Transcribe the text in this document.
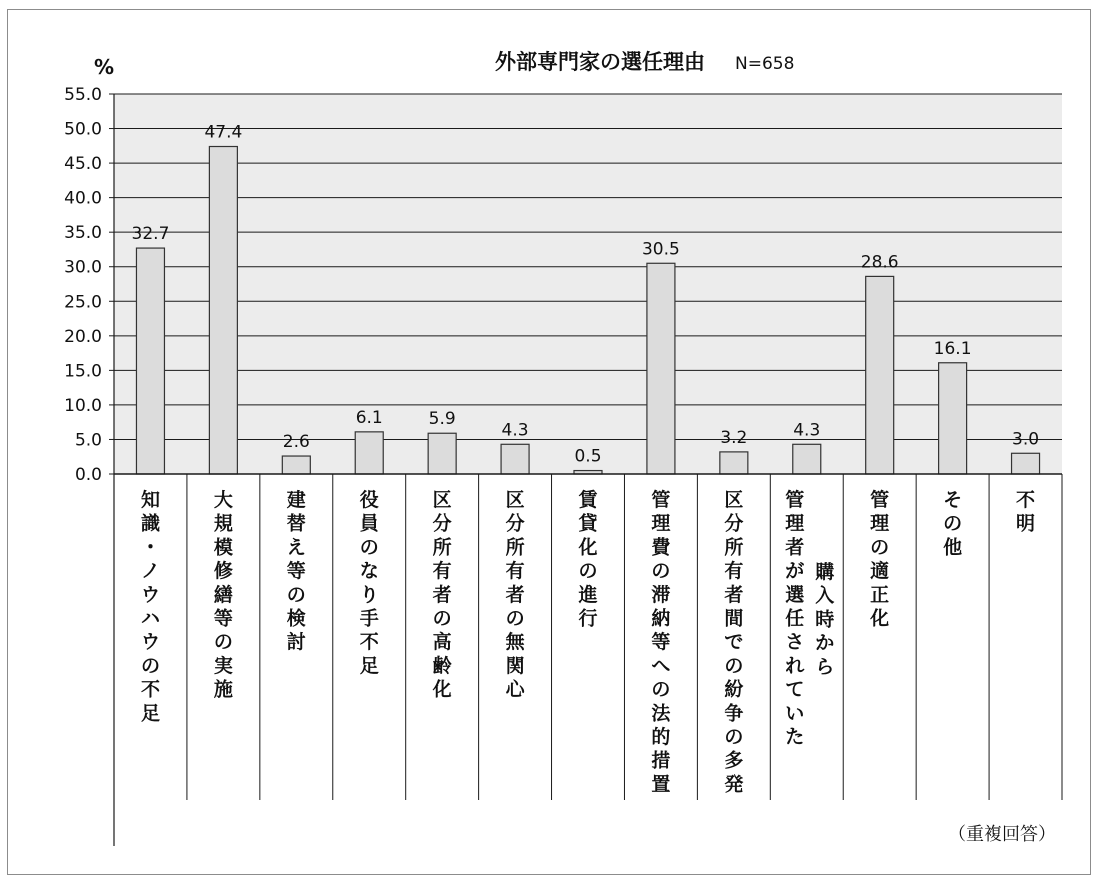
0.0
5.0
10.0
15.0
20.0
25.0
30.0
35.0
40.0
45.0
50.0
55.0
32.7
47.4
2.6
6.1	5.9
4.3
0.5
30.5
3.2	4.3
28.6
16.1
3.0
知識・ノウハウの不足
大規模修繕等の実施
建替え等の検討
役員のなり手不足
区分所有者の高齢化
区分所有者の無関心
賃貸化の進行
管理費の滞納等への法的措置
区分所有者間での紛争の多発
管理者が選任されていた
購入時から
管理の適正化
その他
不明
外部専門家の選任理由 N=658
%
（重複回答）
